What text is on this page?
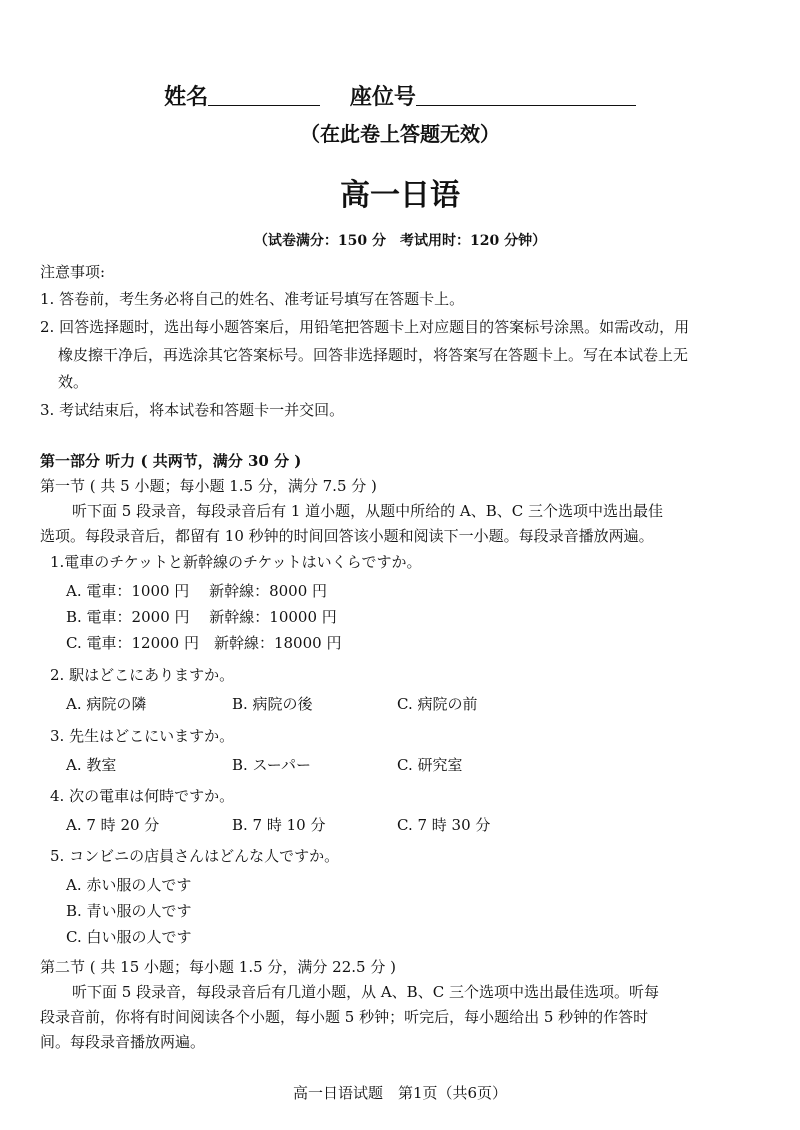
姓名	座位号
（在此卷上答题无效）
高一日语
（试卷满分：150 分　考试用时：120 分钟）
注意事项:
1. 答卷前，考生务必将自己的姓名、准考证号填写在答题卡上。
2. 回答选择题时，选出每小题答案后，用铅笔把答题卡上对应题目的答案标号涂黑。如需改动，用
橡皮擦干净后，再选涂其它答案标号。回答非选择题时，将答案写在答题卡上。写在本试卷上无
效。
3. 考试结束后，将本试卷和答题卡一并交回。
第一部分 听力 ( 共两节，满分 30 分 )
第一节 ( 共 5 小题；每小题 1.5 分，满分 7.5 分 )
听下面 5 段录音，每段录音后有 1 道小题，从题中所给的 A、B、C 三个选项中选出最佳
选项。每段录音后，都留有 10 秒钟的时间回答该小题和阅读下一小题。每段录音播放两遍。
1.電車のチケットと新幹線のチケットはいくらですか。
A. 電車：1000 円　 新幹線：8000 円
B. 電車：2000 円　 新幹線：10000 円
C. 電車：12000 円　新幹線：18000 円
2. 駅はどこにありますか。
A. 病院の隣	B. 病院の後	C. 病院の前
3. 先生はどこにいますか。
A. 教室	B. スーパー	C. 研究室
4. 次の電車は何時ですか。
A. 7 時 20 分	B. 7 時 10 分	C. 7 時 30 分
5. コンビニの店員さんはどんな人ですか。
A. 赤い服の人です
B. 青い服の人です
C. 白い服の人です
第二节 ( 共 15 小题；每小题 1.5 分，满分 22.5 分 )
听下面 5 段录音，每段录音后有几道小题，从 A、B、C 三个选项中选出最佳选项。听每
段录音前，你将有时间阅读各个小题，每小题 5 秒钟；听完后，每小题给出 5 秒钟的作答时
间。每段录音播放两遍。
高一日语试题　第1页（共6页）
